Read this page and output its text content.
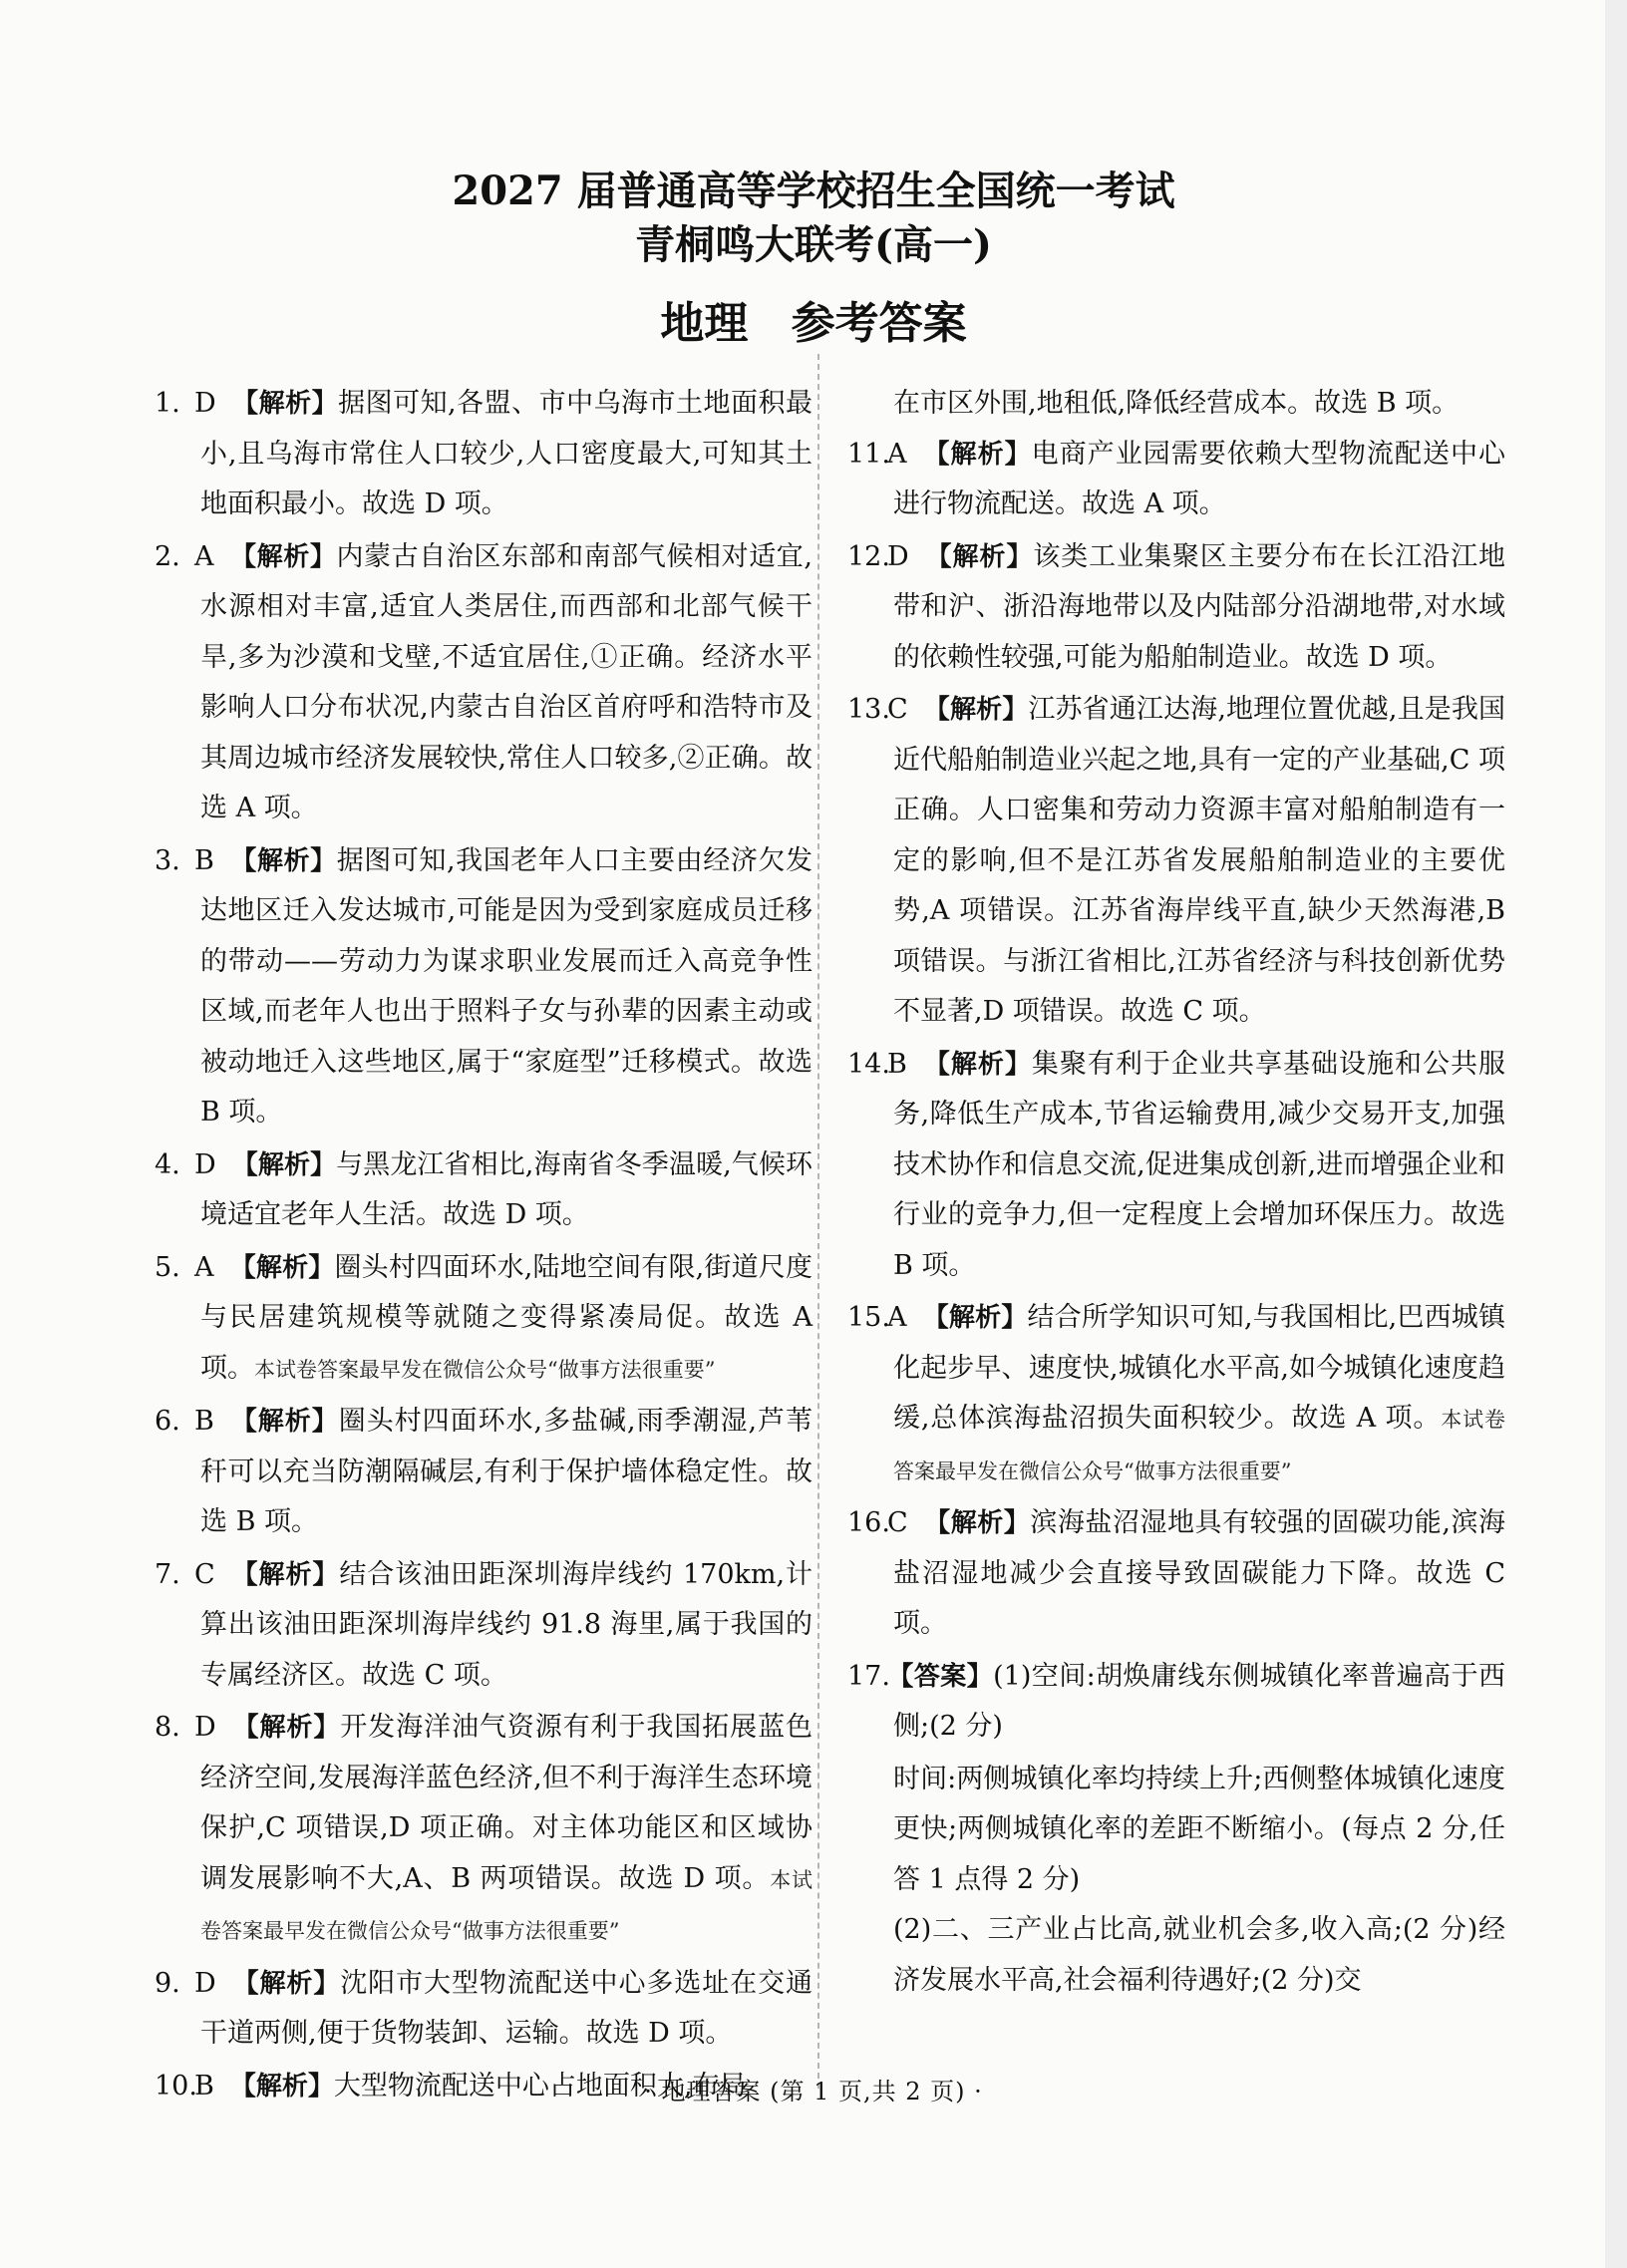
2027 届普通高等学校招生全国统一考试
青桐鸣大联考(高一)
地理 参考答案
1. D 【解析】据图可知,各盟、市中乌海市土地面积最小,且乌海市常住人口较少,人口密度最大,可知其土地面积最小。故选 D 项。
2. A 【解析】内蒙古自治区东部和南部气候相对适宜,水源相对丰富,适宜人类居住,而西部和北部气候干旱,多为沙漠和戈壁,不适宜居住,①正确。经济水平影响人口分布状况,内蒙古自治区首府呼和浩特市及其周边城市经济发展较快,常住人口较多,②正确。故选 A 项。
3. B 【解析】据图可知,我国老年人口主要由经济欠发达地区迁入发达城市,可能是因为受到家庭成员迁移的带动——劳动力为谋求职业发展而迁入高竞争性区域,而老年人也出于照料子女与孙辈的因素主动或被动地迁入这些地区,属于“家庭型”迁移模式。故选 B 项。
4. D 【解析】与黑龙江省相比,海南省冬季温暖,气候环境适宜老年人生活。故选 D 项。
5. A 【解析】圈头村四面环水,陆地空间有限,街道尺度与民居建筑规模等就随之变得紧凑局促。故选 A 项。本试卷答案最早发在微信公众号“做事方法很重要”
6. B 【解析】圈头村四面环水,多盐碱,雨季潮湿,芦苇秆可以充当防潮隔碱层,有利于保护墙体稳定性。故选 B 项。
7. C 【解析】结合该油田距深圳海岸线约 170km,计算出该油田距深圳海岸线约 91.8 海里,属于我国的专属经济区。故选 C 项。
8. D 【解析】开发海洋油气资源有利于我国拓展蓝色经济空间,发展海洋蓝色经济,但不利于海洋生态环境保护,C 项错误,D 项正确。对主体功能区和区域协调发展影响不大,A、B 两项错误。故选 D 项。本试卷答案最早发在微信公众号“做事方法很重要”
9. D 【解析】沈阳市大型物流配送中心多选址在交通干道两侧,便于货物装卸、运输。故选 D 项。
10.B 【解析】大型物流配送中心占地面积大,布局
在市区外围,地租低,降低经营成本。故选 B 项。
11.A 【解析】电商产业园需要依赖大型物流配送中心进行物流配送。故选 A 项。
12.D 【解析】该类工业集聚区主要分布在长江沿江地带和沪、浙沿海地带以及内陆部分沿湖地带,对水域的依赖性较强,可能为船舶制造业。故选 D 项。
13.C 【解析】江苏省通江达海,地理位置优越,且是我国近代船舶制造业兴起之地,具有一定的产业基础,C 项正确。人口密集和劳动力资源丰富对船舶制造有一定的影响,但不是江苏省发展船舶制造业的主要优势,A 项错误。江苏省海岸线平直,缺少天然海港,B 项错误。与浙江省相比,江苏省经济与科技创新优势不显著,D 项错误。故选 C 项。
14.B 【解析】集聚有利于企业共享基础设施和公共服务,降低生产成本,节省运输费用,减少交易开支,加强技术协作和信息交流,促进集成创新,进而增强企业和行业的竞争力,但一定程度上会增加环保压力。故选 B 项。
15.A 【解析】结合所学知识可知,与我国相比,巴西城镇化起步早、速度快,城镇化水平高,如今城镇化速度趋缓,总体滨海盐沼损失面积较少。故选 A 项。本试卷答案最早发在微信公众号“做事方法很重要”
16.C 【解析】滨海盐沼湿地具有较强的固碳功能,滨海盐沼湿地减少会直接导致固碳能力下降。故选 C 项。
17.【答案】(1)空间:胡焕庸线东侧城镇化率普遍高于西侧;(2 分)
时间:两侧城镇化率均持续上升;西侧整体城镇化速度更快;两侧城镇化率的差距不断缩小。(每点 2 分,任答 1 点得 2 分)
(2)二、三产业占比高,就业机会多,收入高;(2 分)经济发展水平高,社会福利待遇好;(2 分)交
· 地理答案 (第 1 页,共 2 页) ·
